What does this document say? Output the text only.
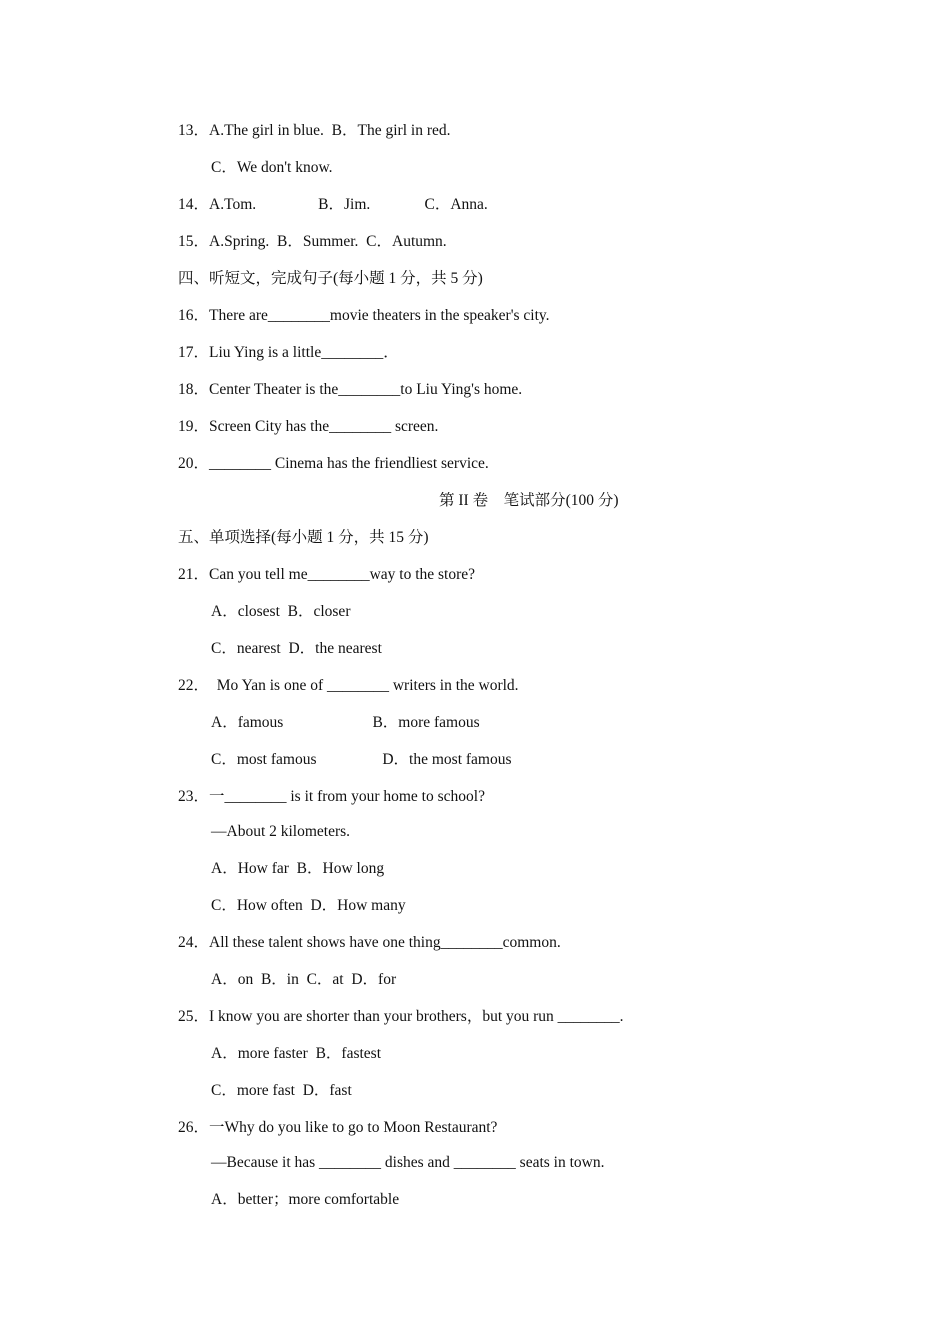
13．A.The girl in blue.  B．The girl in red.

C．We don't know.

14．A.Tom.                B．Jim.              C．Anna.

15．A.Spring.  B．Summer.  C．Autumn.

四、听短文，完成句子(每小题 1 分，共 5 分)

16．There are________movie theaters in the speaker's city.

17．Liu Ying is a little________．

18．Center Theater is the________to Liu Ying's home.

19．Screen City has the________ screen.

20．________ Cinema has the friendliest service.

第 II 卷    笔试部分(100 分)

五、单项选择(每小题 1 分，共 15 分)

21．Can you tell me________way to the store?

A．closest  B．closer

C．nearest  D．the nearest

22．  Mo Yan is one of ________ writers in the world.

A．famous                       B．more famous

C．most famous                 D．the most famous

23．一________ is it from your home to school?

—About 2 kilometers.

A．How far  B．How long

C．How often  D．How many

24．All these talent shows have one thing________common.

A．on  B．in  C．at  D．for

25．I know you are shorter than your brothers，but you run ________.

A．more faster  B．fastest

C．more fast  D．fast

26．一Why do you like to go to Moon Restaurant?

—Because it has ________ dishes and ________ seats in town.

A．better；more comfortable
